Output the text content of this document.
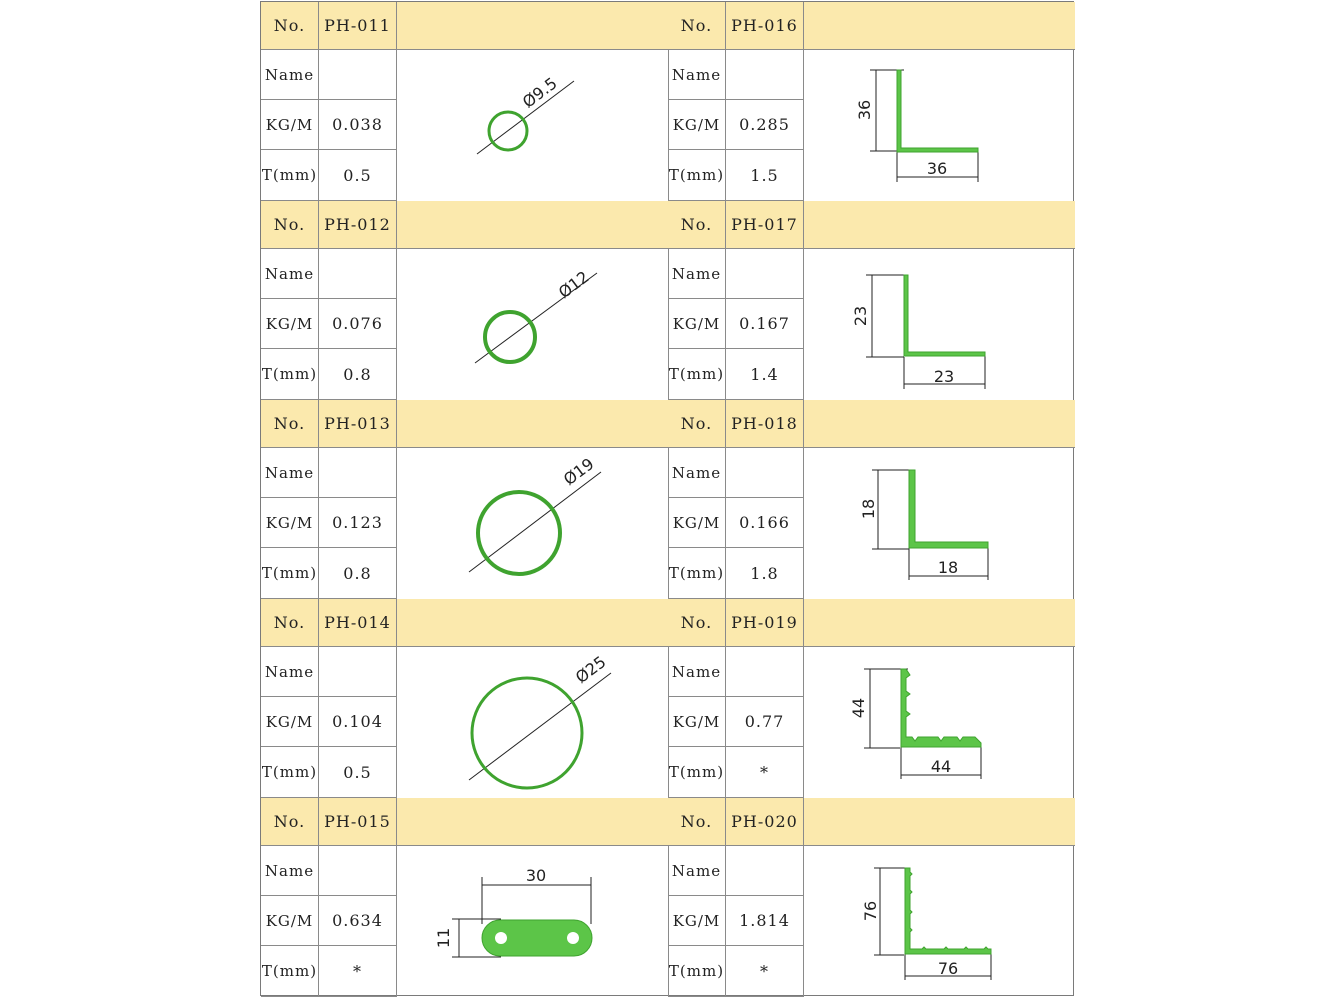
No.	PH-011
Name
KG/M	0.038
T(mm)	0.5
Ø9.5
No.	PH-012
Name
KG/M	0.076
T(mm)	0.8
Ø12
No.	PH-013
Name
KG/M	0.123
T(mm)	0.8
Ø19
No.	PH-014
Name
KG/M	0.104
T(mm)	0.5
Ø25
No.	PH-015
Name
KG/M	0.634
T(mm)	*
30
11
No.	PH-016
Name
KG/M	0.285
T(mm)	1.5
36
36
No.	PH-017
Name
KG/M	0.167
T(mm)	1.4
23
23
No.	PH-018
Name
KG/M	0.166
T(mm)	1.8
18
18
No.	PH-019
Name
KG/M	0.77
T(mm)	*
44
44
No.	PH-020
Name
KG/M	1.814
T(mm)	*
76
76
